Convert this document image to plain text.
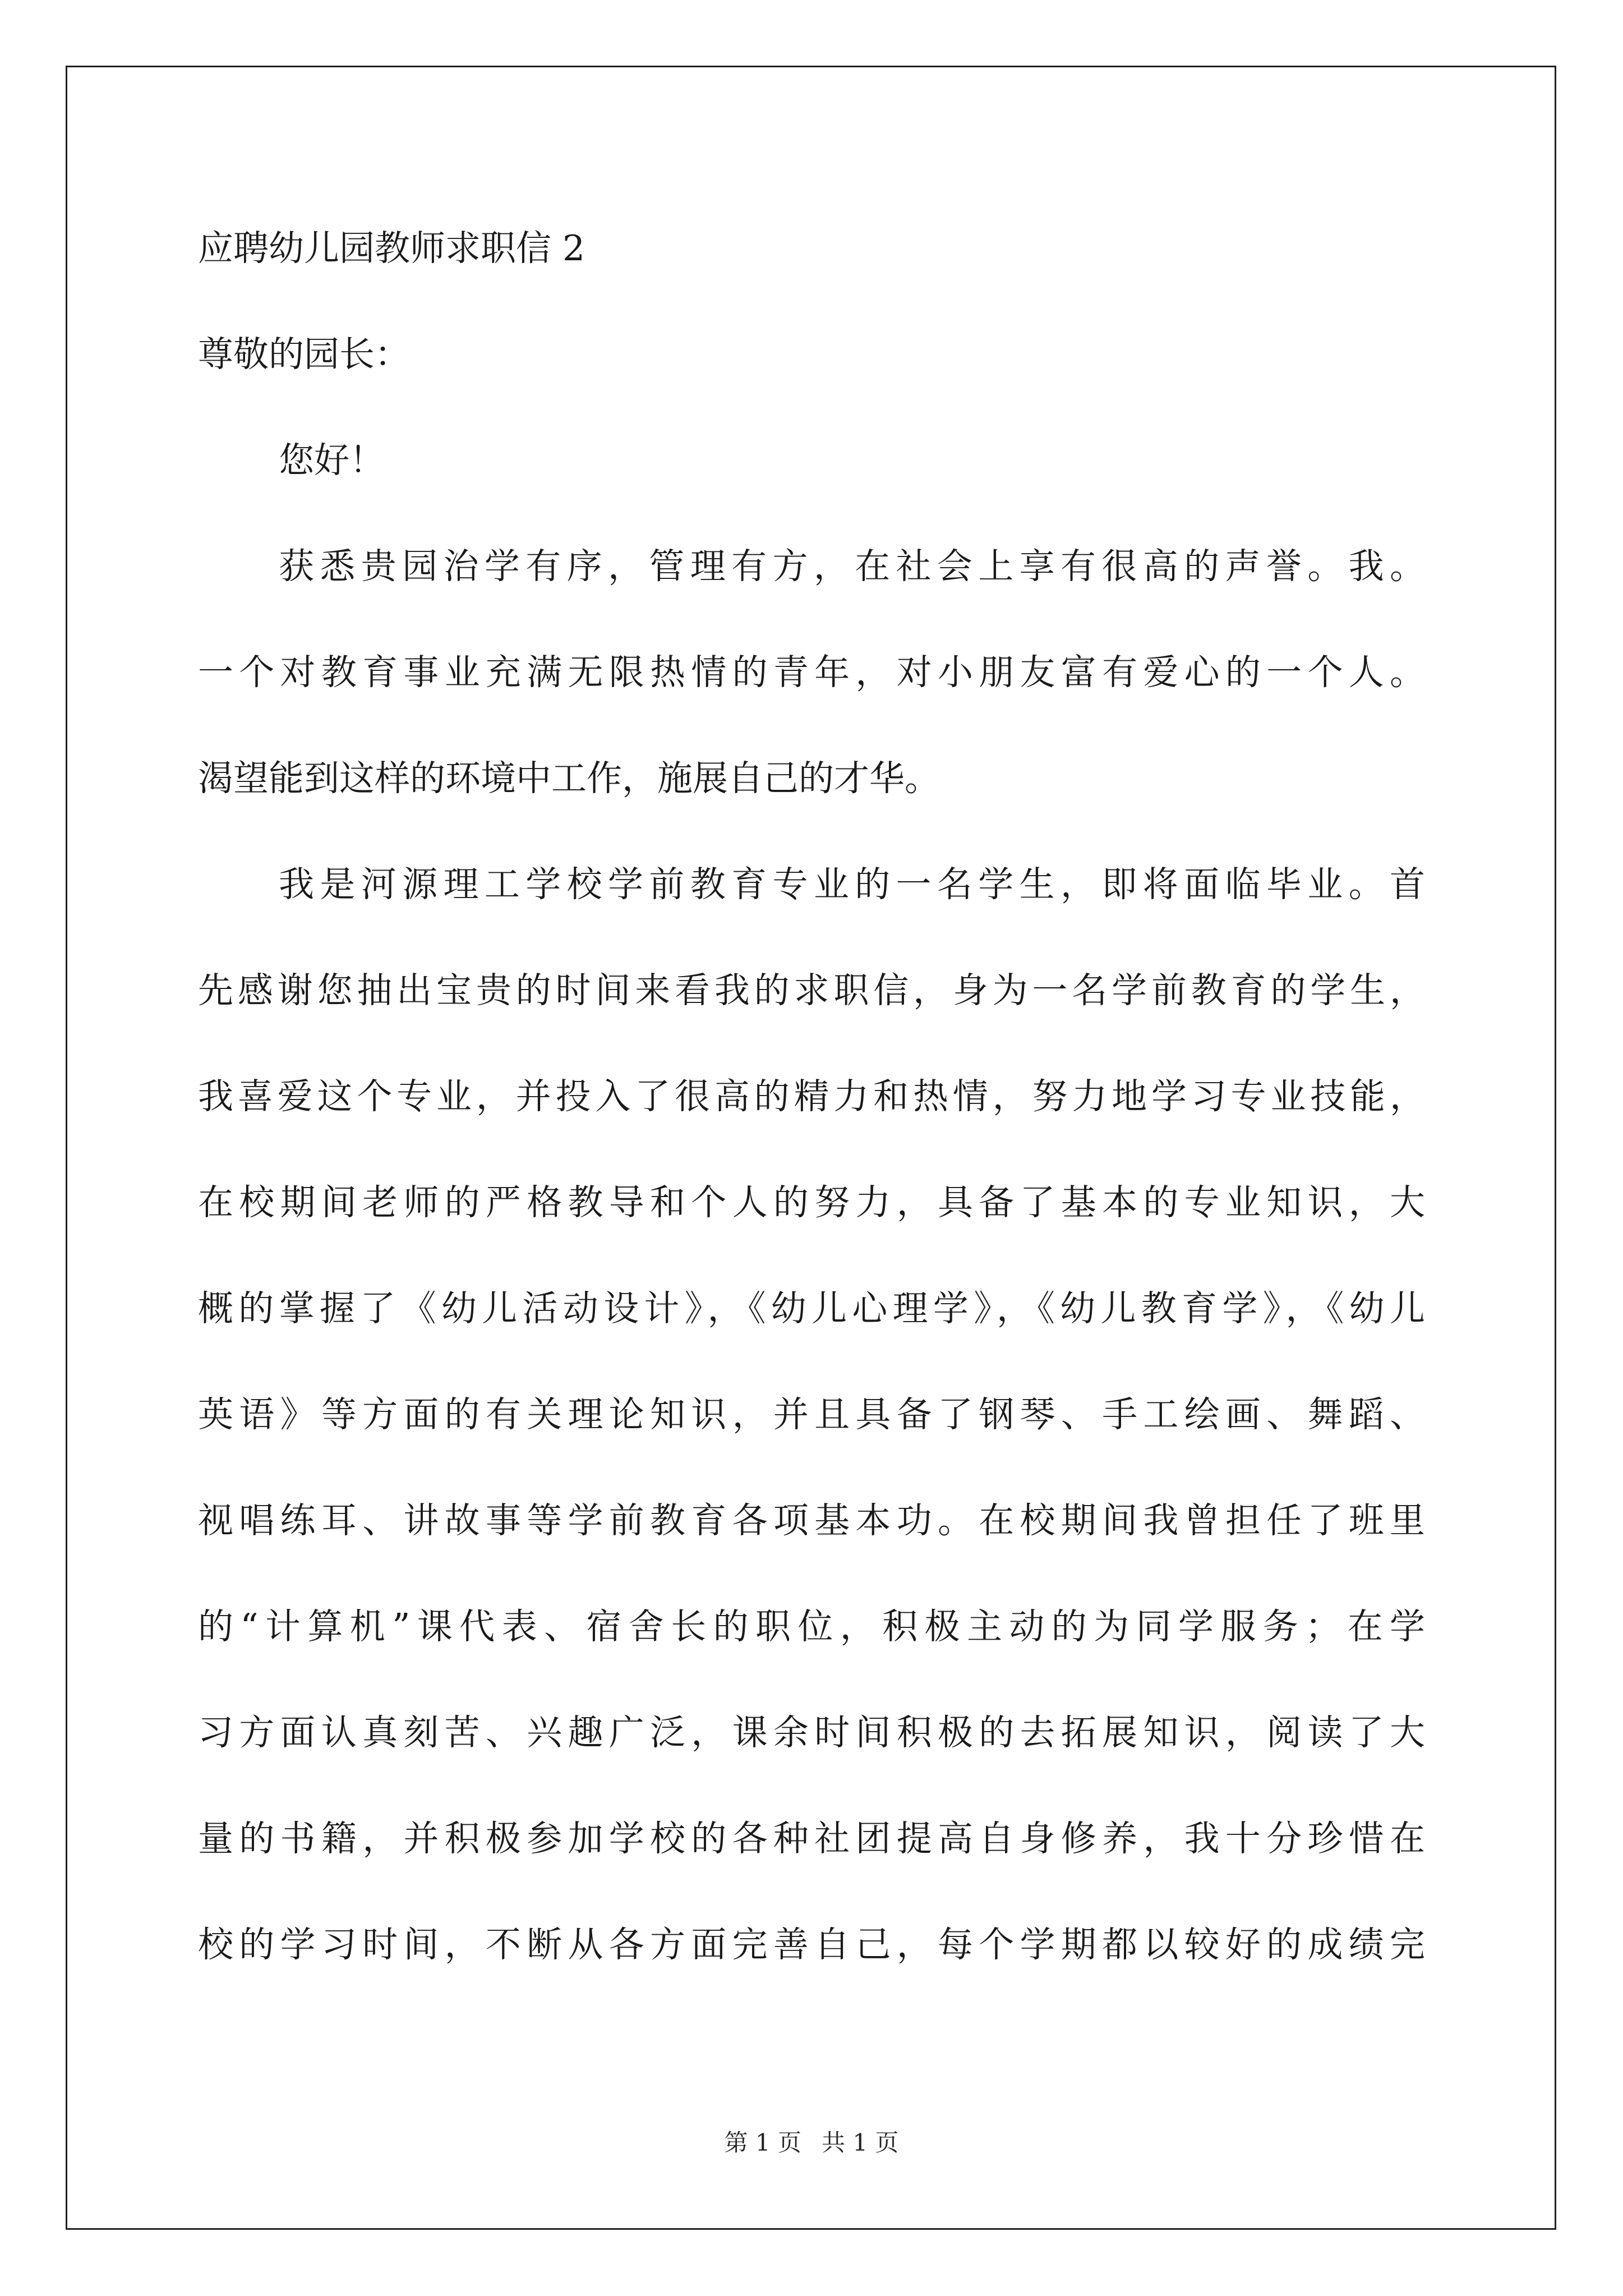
应聘幼儿园教师求职信 2
尊敬的园长：
您好！
获悉贵园治学有序，管理有方，在社会上享有很高的声誉。我。
一个对教育事业充满无限热情的青年，对小朋友富有爱心的一个人。
渴望能到这样的环境中工作，施展自己的才华。
我是河源理工学校学前教育专业的一名学生，即将面临毕业。首
先感谢您抽出宝贵的时间来看我的求职信，身为一名学前教育的学生，
我喜爱这个专业，并投入了很高的精力和热情，努力地学习专业技能，
在校期间老师的严格教导和个人的努力，具备了基本的专业知识，大
概的掌握了《幼儿活动设计》，《幼儿心理学》，《幼儿教育学》，《幼儿
英语》等方面的有关理论知识，并且具备了钢琴、手工绘画、舞蹈、
视唱练耳、讲故事等学前教育各项基本功。在校期间我曾担任了班里
的“计算机”课代表、宿舍长的职位，积极主动的为同学服务；在学
习方面认真刻苦、兴趣广泛，课余时间积极的去拓展知识，阅读了大
量的书籍，并积极参加学校的各种社团提高自身修养，我十分珍惜在
校的学习时间，不断从各方面完善自己，每个学期都以较好的成绩完
第 1 页 共 1 页
